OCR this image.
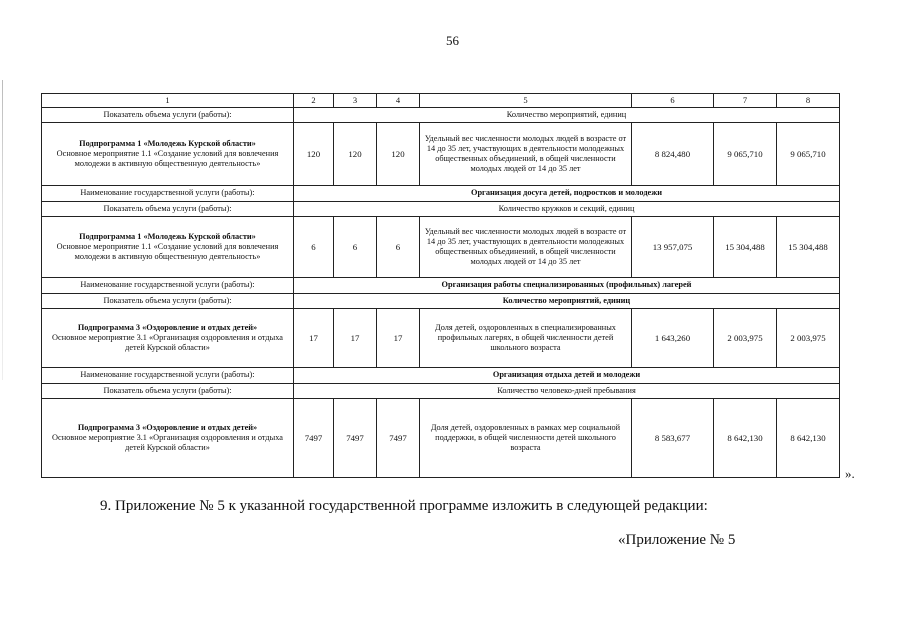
56
1	2	3	4	5	6	7	8
Показатель объема услуги (работы):	Количество мероприятий, единиц						
Подпрограмма 1 «Молодежь Курской области»
Основное мероприятие 1.1 «Создание условий для вовлечения молодежи в активную общественную деятельность»	120	120	120	Удельный вес численности молодых людей в возрасте от 14 до 35 лет, участвующих в деятельности молодежных общественных объединений, в общей численности молодых людей от 14 до 35 лет	8 824,480	9 065,710	9 065,710
Наименование государственной услуги (работы):	Организация досуга детей, подростков и молодежи						
Показатель объема услуги (работы):	Количество кружков и секций, единиц						
Подпрограмма 1 «Молодежь Курской области»
Основное мероприятие 1.1 «Создание условий для вовлечения молодежи в активную общественную деятельность»	6	6	6	Удельный вес численности молодых людей в возрасте от 14 до 35 лет, участвующих в деятельности молодежных общественных объединений, в общей численности молодых людей от 14 до 35 лет	13 957,075	15 304,488	15 304,488
Наименование государственной услуги (работы):	Организация работы специализированных (профильных) лагерей						
Показатель объема услуги (работы):	Количество мероприятий, единиц						
Подпрограмма 3 «Оздоровление и отдых детей»
Основное мероприятие 3.1 «Организация оздоровления и отдыха детей Курской области»	17	17	17	Доля детей, оздоровленных в специализированных профильных лагерях, в общей численности детей школьного возраста	1 643,260	2 003,975	2 003,975
Наименование государственной услуги (работы):	Организация отдыха детей и молодежи						
Показатель объема услуги (работы):	Количество человеко-дней пребывания						
Подпрограмма 3 «Оздоровление и отдых детей»
Основное мероприятие 3.1 «Организация оздоровления и отдыха детей Курской области»	7497	7497	7497	Доля детей, оздоровленных в рамках мер социальной поддержки, в общей численности детей школьного возраста	8 583,677	8 642,130	8 642,130
».
9. Приложение № 5 к указанной государственной программе изложить в следующей редакции:
«Приложение № 5
